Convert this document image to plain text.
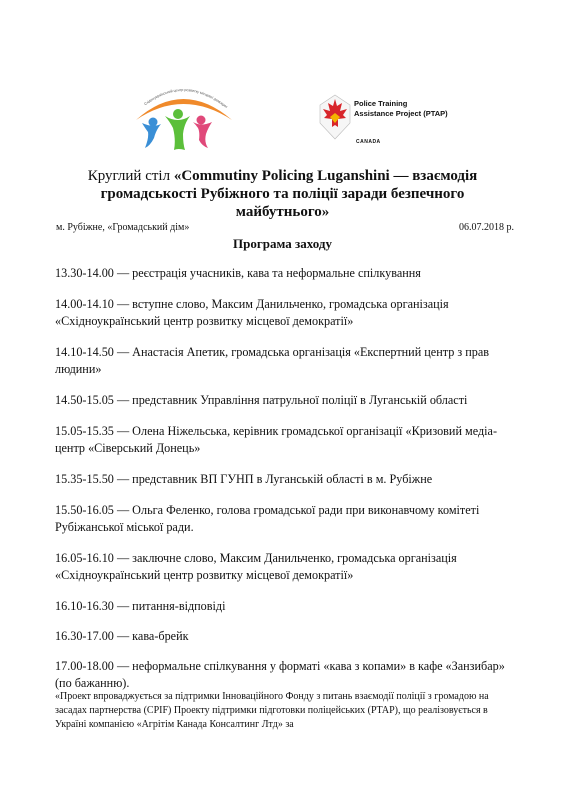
Східноукраїнський центр розвитку місцевої демократ	Police Training
Assistance Project (PTAP)
CANADA
Круглий стіл «Commutiny Policing Luganshini — взаємодія громадськості Рубіжного та поліції заради безпечного майбутнього»
м. Рубіжне, «Громадський дім»	06.07.2018 р.
Програма заходу
13.30-14.00 — реєстрація учасників, кава та неформальне спілкування
14.00-14.10 — вступне слово, Максим Данильченко, громадська організація «Східноукраїнський центр розвитку місцевої демократії»
14.10-14.50 — Анастасія Апетик, громадська організація «Експертний центр з прав людини»
14.50-15.05 — представник Управління патрульної поліції в Луганській області
15.05-15.35 — Олена Ніжельська, керівник громадської організації «Кризовий медіа-центр «Сіверський Донець»
15.35-15.50 — представник ВП ГУНП в Луганській області в м. Рубіжне
15.50-16.05 — Ольга Феленко, голова громадської ради при виконавчому комітеті Рубіжанської міської ради.
16.05-16.10 — заключне слово, Максим Данильченко, громадська організація «Східноукраїнський центр розвитку місцевої демократії»
16.10-16.30 — питання-відповіді
16.30-17.00 — кава-брейк
17.00-18.00 — неформальне спілкування у форматі «кава з копами» в кафе «Занзибар» (по бажанню).
«Проект впроваджується за підтримки Інноваційного Фонду з питань взаємодії поліції з громадою на засадах партнерства (CPIF) Проекту підтримки підготовки поліцейських (PTAP), що реалізовується в Україні компанією «Агрітім Канада Консалтинг Лтд» за
